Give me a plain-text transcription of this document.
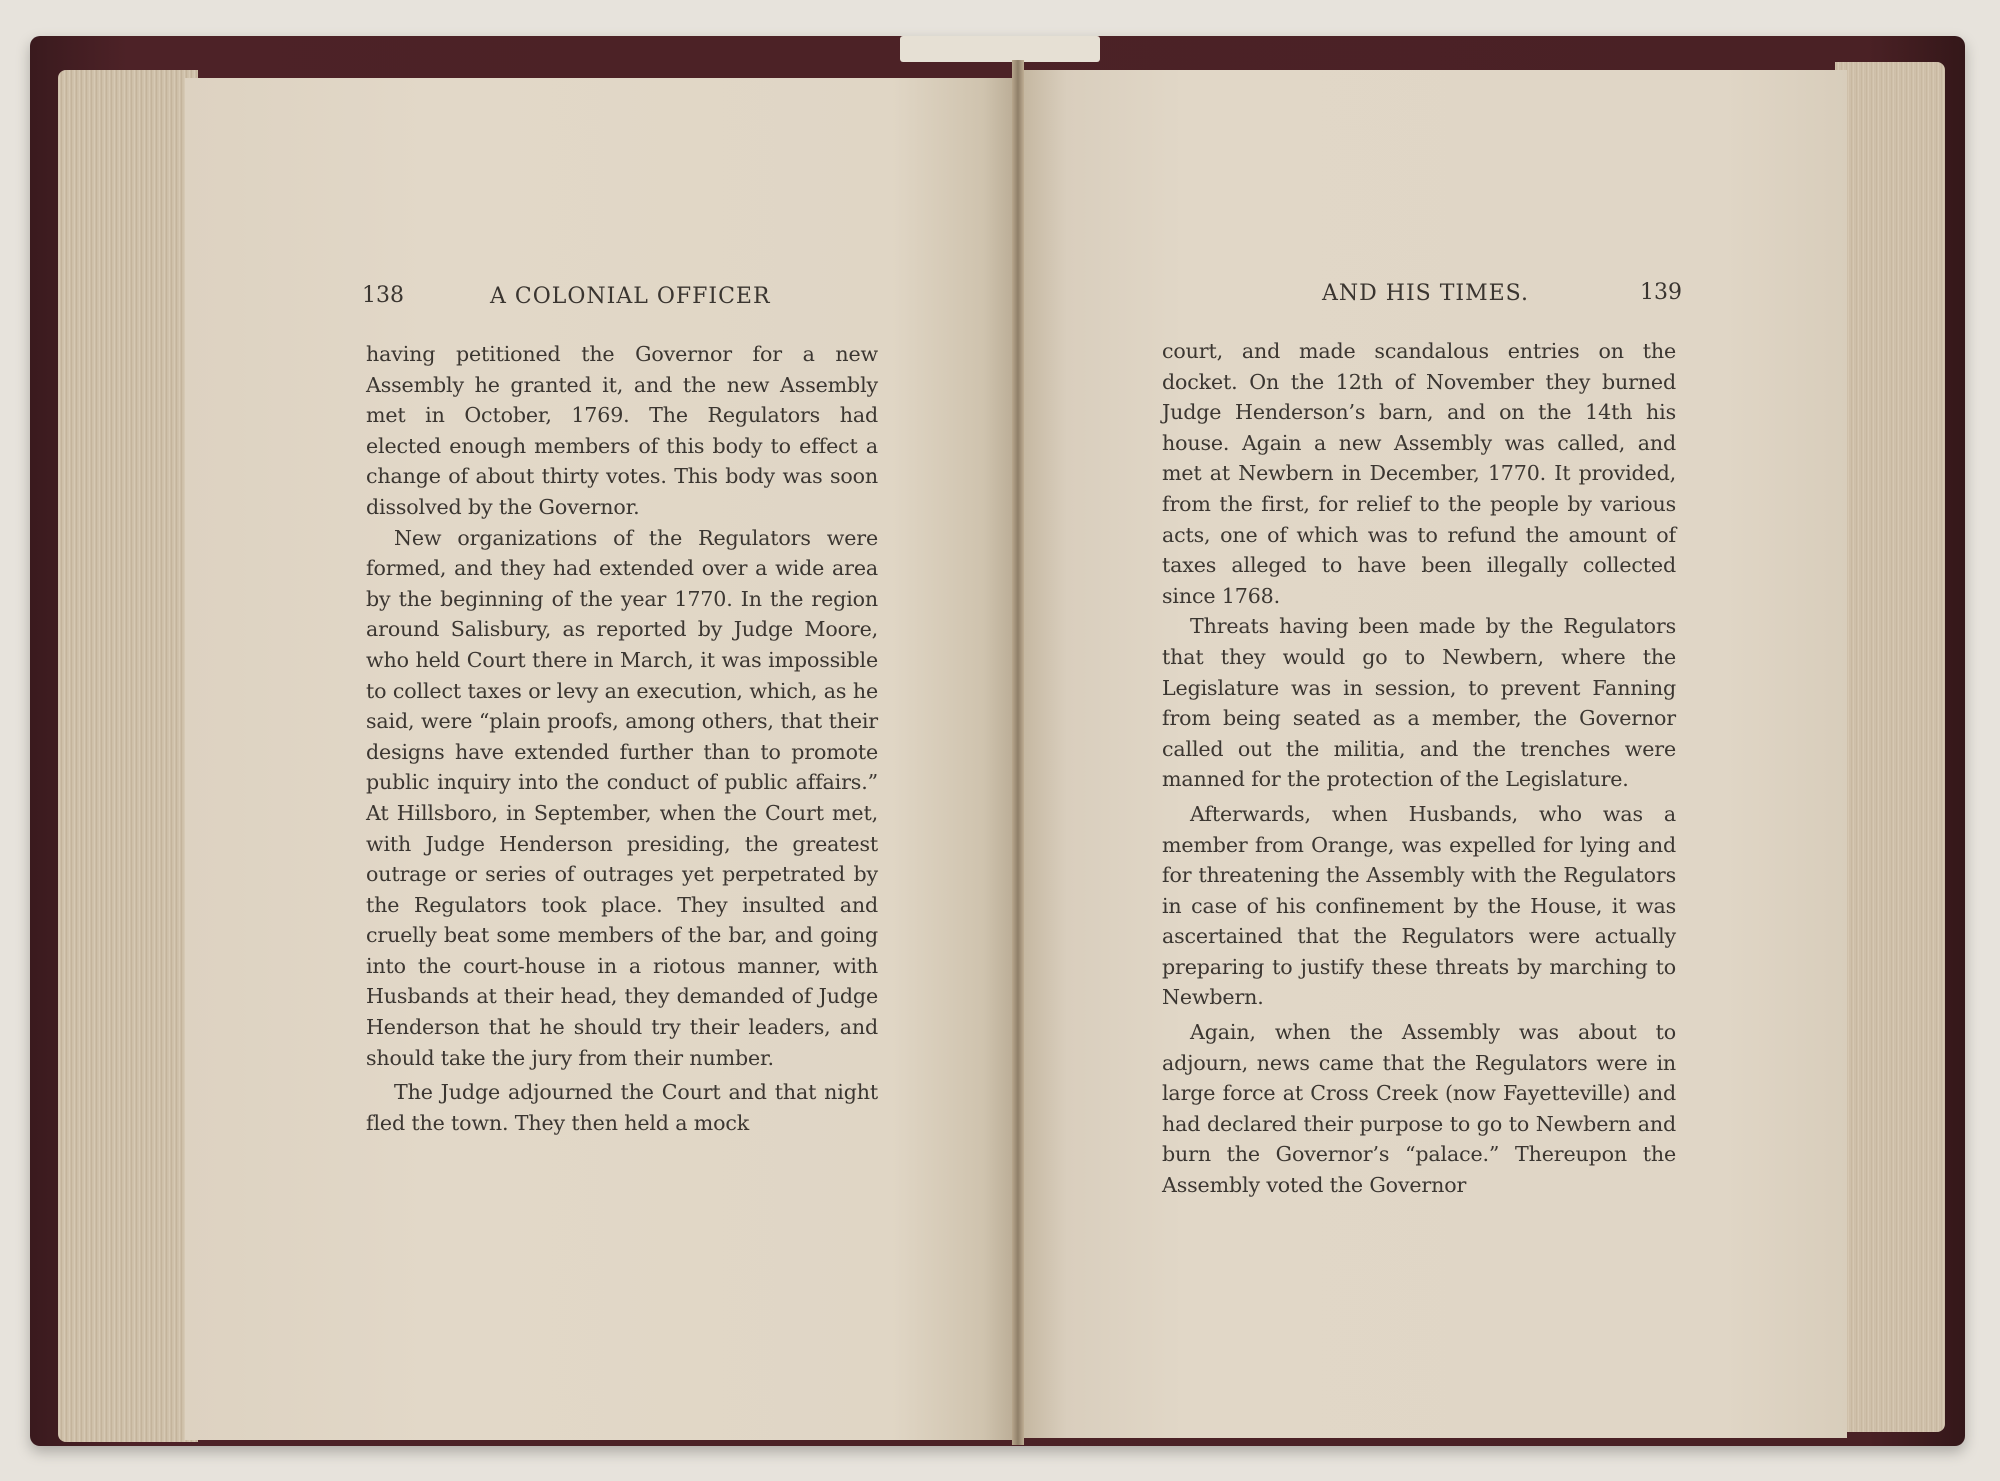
138	A COLONIAL OFFICER

having petitioned the Governor for a new Assembly he granted it, and the new Assembly met in October, 1769. The Regulators had elected enough members of this body to effect a change of about thirty votes. This body was soon dissolved by the Governor.

New organizations of the Regulators were formed, and they had extended over a wide area by the beginning of the year 1770. In the region around Salisbury, as reported by Judge Moore, who held Court there in March, it was impossible to collect taxes or levy an execution, which, as he said, were “plain proofs, among others, that their designs have extended further than to promote public inquiry into the conduct of public affairs.” At Hillsboro, in September, when the Court met, with Judge Henderson presiding, the greatest outrage or series of outrages yet perpetrated by the Regulators took place. They insulted and cruelly beat some members of the bar, and going into the court-house in a riotous manner, with Husbands at their head, they demanded of Judge Henderson that he should try their leaders, and should take the jury from their number.

The Judge adjourned the Court and that night fled the town. They then held a mock

AND HIS TIMES.	139

court, and made scandalous entries on the docket. On the 12th of November they burned Judge Henderson’s barn, and on the 14th his house. Again a new Assembly was called, and met at Newbern in December, 1770. It provided, from the first, for relief to the people by various acts, one of which was to refund the amount of taxes alleged to have been illegally collected since 1768.

Threats having been made by the Regulators that they would go to Newbern, where the Legislature was in session, to prevent Fanning from being seated as a member, the Governor called out the militia, and the trenches were manned for the protection of the Legislature.

Afterwards, when Husbands, who was a member from Orange, was expelled for lying and for threatening the Assembly with the Regulators in case of his confinement by the House, it was ascertained that the Regulators were actually preparing to justify these threats by marching to Newbern.

Again, when the Assembly was about to adjourn, news came that the Regulators were in large force at Cross Creek (now Fayetteville) and had declared their purpose to go to Newbern and burn the Governor’s “palace.” Thereupon the Assembly voted the Governor
